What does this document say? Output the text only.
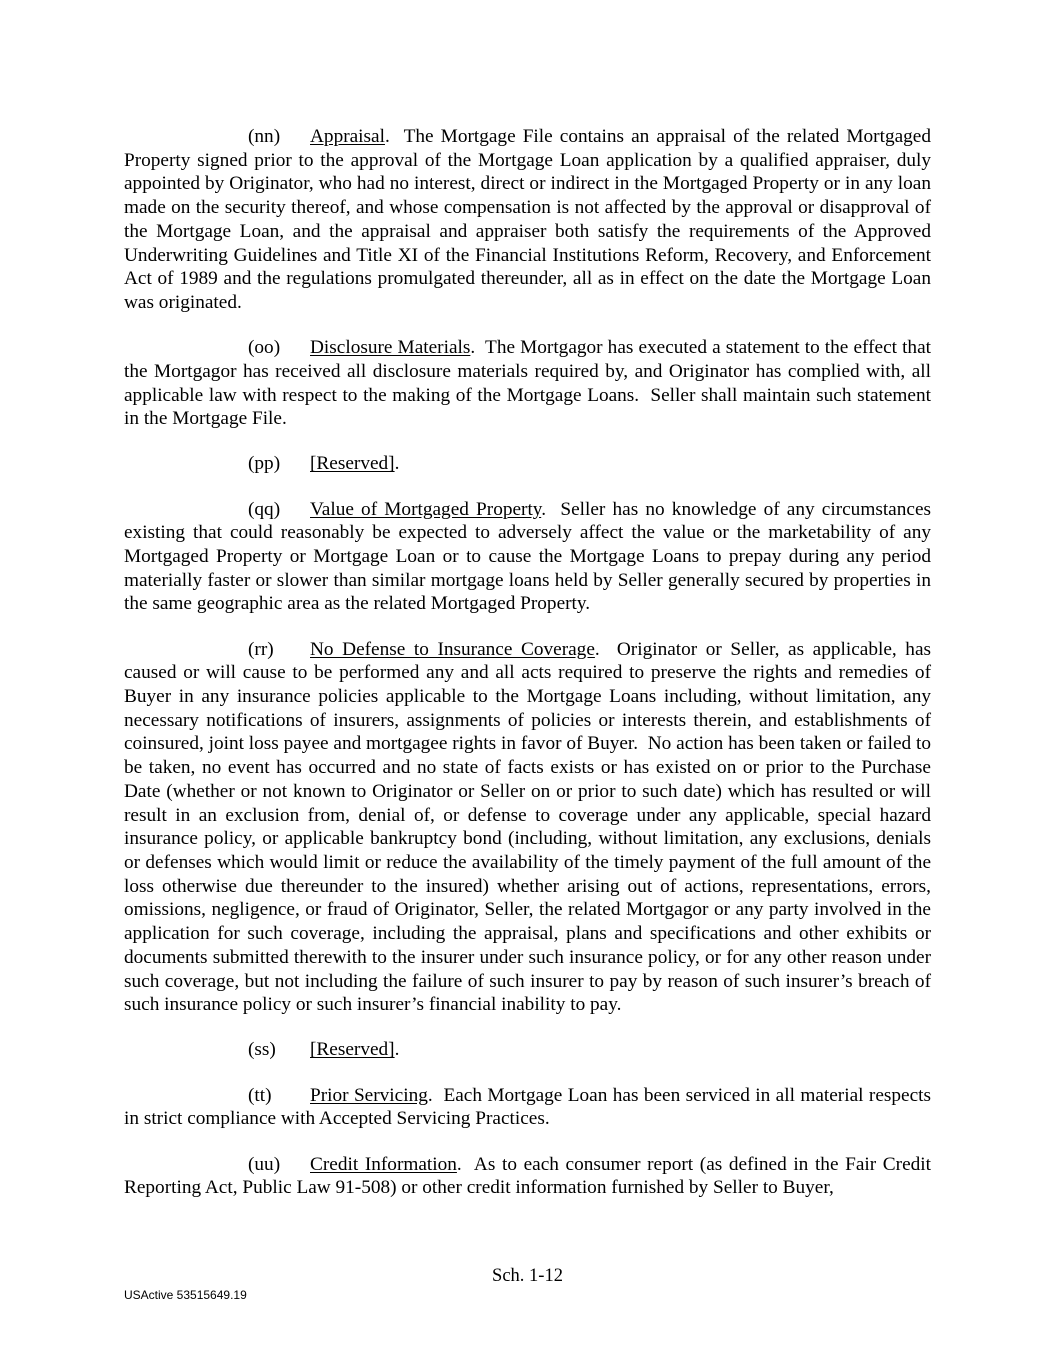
(nn) Appraisal.  The Mortgage File contains an appraisal of the related Mortgaged Property signed prior to the approval of the Mortgage Loan application by a qualified appraiser, duly appointed by Originator, who had no interest, direct or indirect in the Mortgaged Property or in any loan made on the security thereof, and whose compensation is not affected by the approval or disapproval of the Mortgage Loan, and the appraisal and appraiser both satisfy the requirements of the Approved Underwriting Guidelines and Title XI of the Financial Institutions Reform, Recovery, and Enforcement Act of 1989 and the regulations promulgated thereunder, all as in effect on the date the Mortgage Loan was originated.

(oo) Disclosure Materials.  The Mortgagor has executed a statement to the effect that the Mortgagor has received all disclosure materials required by, and Originator has complied with, all applicable law with respect to the making of the Mortgage Loans.  Seller shall maintain such statement in the Mortgage File.

(pp) [Reserved].

(qq) Value of Mortgaged Property.  Seller has no knowledge of any circumstances existing that could reasonably be expected to adversely affect the value or the marketability of any Mortgaged Property or Mortgage Loan or to cause the Mortgage Loans to prepay during any period materially faster or slower than similar mortgage loans held by Seller generally secured by properties in the same geographic area as the related Mortgaged Property.

(rr) No Defense to Insurance Coverage.  Originator or Seller, as applicable, has caused or will cause to be performed any and all acts required to preserve the rights and remedies of Buyer in any insurance policies applicable to the Mortgage Loans including, without limitation, any necessary notifications of insurers, assignments of policies or interests therein, and establishments of coinsured, joint loss payee and mortgagee rights in favor of Buyer.  No action has been taken or failed to be taken, no event has occurred and no state of facts exists or has existed on or prior to the Purchase Date (whether or not known to Originator or Seller on or prior to such date) which has resulted or will result in an exclusion from, denial of, or defense to coverage under any applicable, special hazard insurance policy, or applicable bankruptcy bond (including, without limitation, any exclusions, denials or defenses which would limit or reduce the availability of the timely payment of the full amount of the loss otherwise due thereunder to the insured) whether arising out of actions, representations, errors, omissions, negligence, or fraud of Originator, Seller, the related Mortgagor or any party involved in the application for such coverage, including the appraisal, plans and specifications and other exhibits or documents submitted therewith to the insurer under such insurance policy, or for any other reason under such coverage, but not including the failure of such insurer to pay by reason of such insurer’s breach of such insurance policy or such insurer’s financial inability to pay.

(ss) [Reserved].

(tt) Prior Servicing.  Each Mortgage Loan has been serviced in all material respects in strict compliance with Accepted Servicing Practices.

(uu) Credit Information.  As to each consumer report (as defined in the Fair Credit Reporting Act, Public Law 91-508) or other credit information furnished by Seller to Buyer,

Sch. 1-12
USActive 53515649.19
